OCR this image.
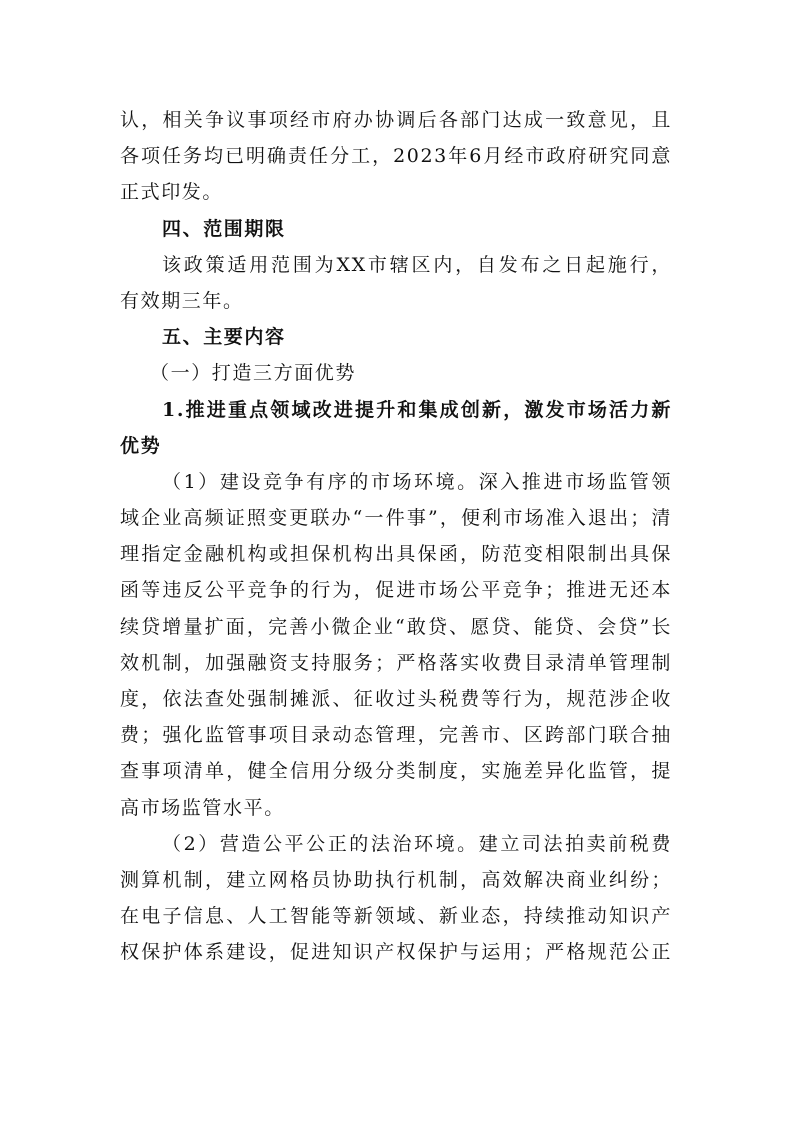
认，相关争议事项经市府办协调后各部门达成一致意见，且
各项任务均已明确责任分工，2023年6月经市政府研究同意
正式印发。
四、范围期限
该政策适用范围为XX市辖区内，自发布之日起施行，
有效期三年。
五、主要内容
（一）打造三方面优势
1.推进重点领域改进提升和集成创新，激发市场活力新
优势
（1）建设竞争有序的市场环境。深入推进市场监管领
域企业高频证照变更联办“一件事”，便利市场准入退出；清
理指定金融机构或担保机构出具保函，防范变相限制出具保
函等违反公平竞争的行为，促进市场公平竞争；推进无还本
续贷增量扩面，完善小微企业“敢贷、愿贷、能贷、会贷”长
效机制，加强融资支持服务；严格落实收费目录清单管理制
度，依法查处强制摊派、征收过头税费等行为，规范涉企收
费；强化监管事项目录动态管理，完善市、区跨部门联合抽
查事项清单，健全信用分级分类制度，实施差异化监管，提
高市场监管水平。
（2）营造公平公正的法治环境。建立司法拍卖前税费
测算机制，建立网格员协助执行机制，高效解决商业纠纷；
在电子信息、人工智能等新领域、新业态，持续推动知识产
权保护体系建设，促进知识产权保护与运用；严格规范公正
